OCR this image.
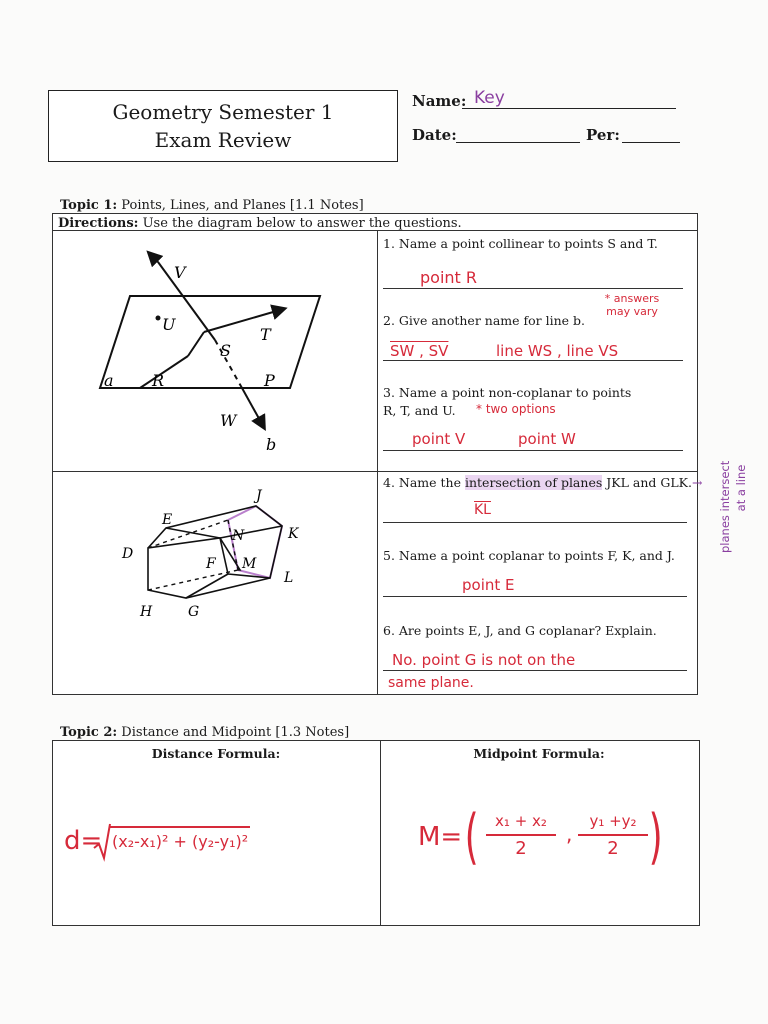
Geometry Semester 1
Exam Review
Name: Key
Date:	Per:
Topic 1: Points, Lines, and Planes [1.1 Notes]
Directions: Use the diagram below to answer the questions.
V
U
S
T
a R	P
W
b
J
E
K
N
D
F M
L
H	G
1. Name a point collinear to points S and T.
point R
* answers may vary
2. Give another name for line b.
SW , SV	line WS , line VS
3. Name a point non-coplanar to points
R, T, and U. * two options
point V	point W
4. Name the intersection of planes JKL and GLK.→
$\overline{KL}$	planes intersect at a line
5. Name a point coplanar to points F, K, and J.
point E
6. Are points E, J, and G coplanar? Explain.
No. point G is not on the
same plane.
Topic 2: Distance and Midpoint [1.3 Notes]
Distance Formula:	Midpoint Formula:
d= (x₂-x₁)² + (y₂-y₁)²	M= (	)
x₁ + x₂
2
,
y₁ +y₂
2
